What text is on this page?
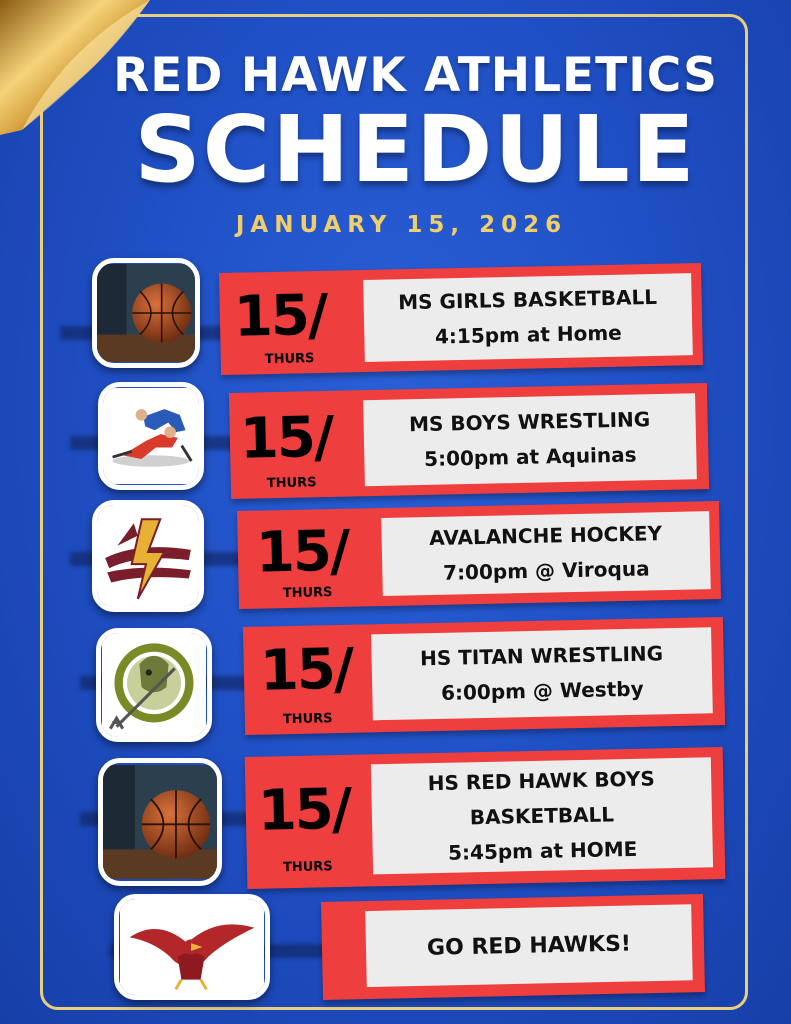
RED HAWK ATHLETICS
SCHEDULE
JANUARY 15, 2026
15/
THURS
MS GIRLS BASKETBALL
4:15pm at Home
15/
THURS
MS BOYS WRESTLING
5:00pm at Aquinas
15/
THURS
AVALANCHE HOCKEY
7:00pm @ Viroqua
15/
THURS
HS TITAN WRESTLING
6:00pm @ Westby
15/
THURS
HS RED HAWK BOYS
BASKETBALL
5:45pm at HOME
GO RED HAWKS!
